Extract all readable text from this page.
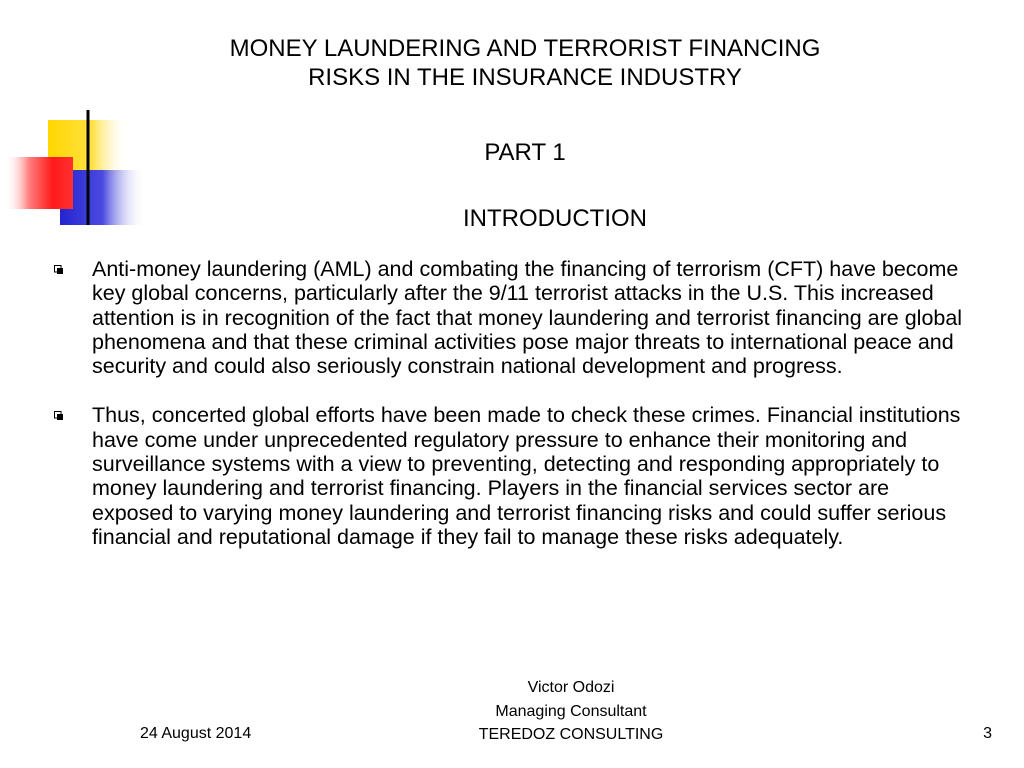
MONEY LAUNDERING AND TERRORIST FINANCING
RISKS IN THE INSURANCE INDUSTRY
PART 1
INTRODUCTION
Anti-money laundering (AML) and combating the financing of terrorism (CFT) have become key global concerns, particularly after the 9/11 terrorist attacks in the U.S. This increased attention is in recognition of the fact that money laundering and terrorist financing are global phenomena and that these criminal activities pose major threats to international peace and security and could also seriously constrain national development and progress.
Thus, concerted global efforts have been made to check these crimes. Financial institutions have come under unprecedented regulatory pressure to enhance their monitoring and surveillance systems with a view to preventing, detecting and responding appropriately to money laundering and terrorist financing. Players in the financial services sector are exposed to varying money laundering and terrorist financing risks and could suffer serious financial and reputational damage if they fail to manage these risks adequately.
24 August 2014
Victor Odozi
Managing Consultant
TEREDOZ CONSULTING	3
